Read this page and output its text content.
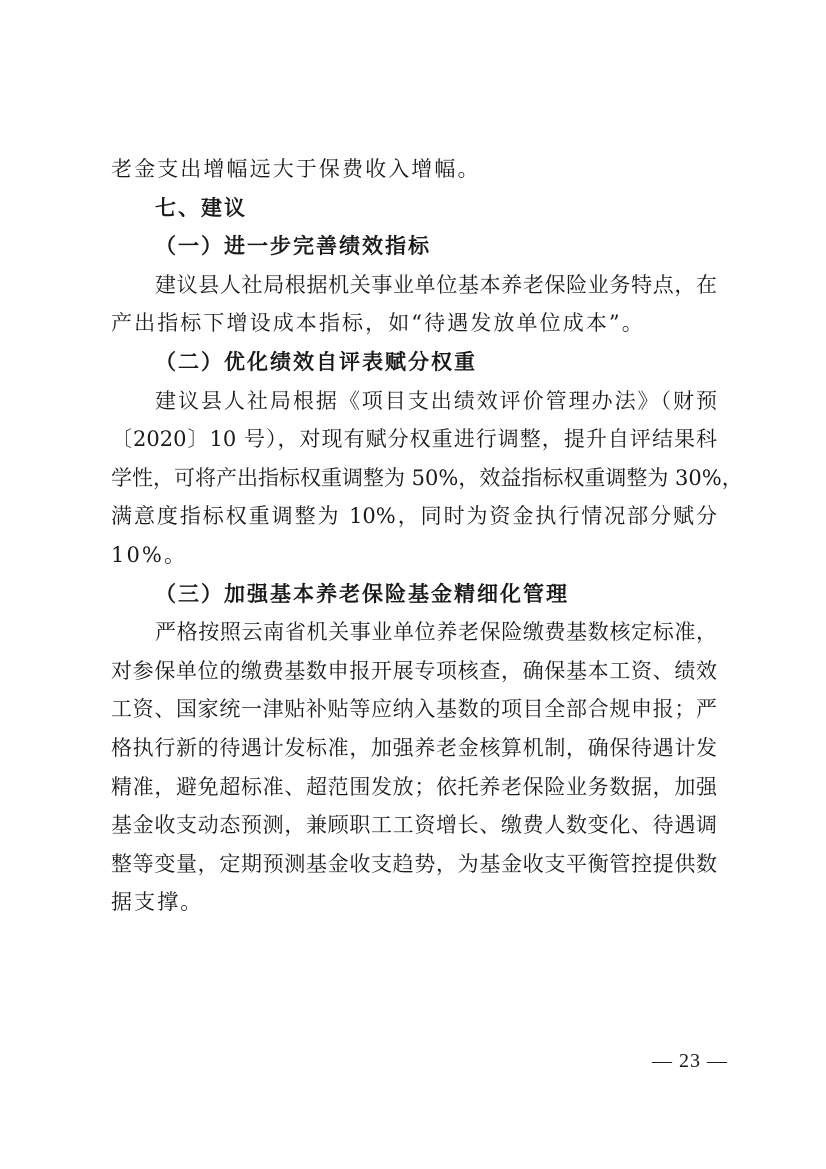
老金支出增幅远大于保费收入增幅。
七、建议
（一）进一步完善绩效指标
建议县人社局根据机关事业单位基本养老保险业务特点，在
产出指标下增设成本指标，如“待遇发放单位成本”。
（二）优化绩效自评表赋分权重
建议县人社局根据《项目支出绩效评价管理办法》（财预
〔2020〕10 号），对现有赋分权重进行调整，提升自评结果科
学性，可将产出指标权重调整为 50%，效益指标权重调整为 30%，
满意度指标权重调整为 10%，同时为资金执行情况部分赋分
10%。
（三）加强基本养老保险基金精细化管理
严格按照云南省机关事业单位养老保险缴费基数核定标准，
对参保单位的缴费基数申报开展专项核查，确保基本工资、绩效
工资、国家统一津贴补贴等应纳入基数的项目全部合规申报；严
格执行新的待遇计发标准，加强养老金核算机制，确保待遇计发
精准，避免超标准、超范围发放；依托养老保险业务数据，加强
基金收支动态预测，兼顾职工工资增长、缴费人数变化、待遇调
整等变量，定期预测基金收支趋势，为基金收支平衡管控提供数
据支撑。
— 23 —
